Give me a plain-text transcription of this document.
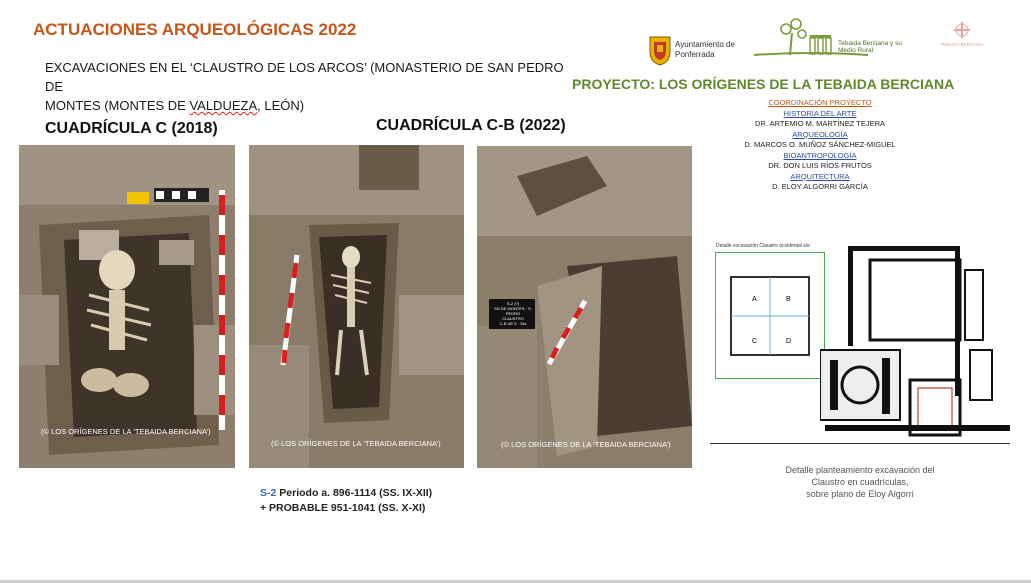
ACTUACIONES ARQUEOLÓGICAS 2022
EXCAVACIONES EN EL ‘CLAUSTRO DE LOS ARCOS’ (MONASTERIO DE SAN PEDRO DE
MONTES (MONTES DE VALDUEZA, LEÓN)
Ayuntamiento de Ponferrada
Tebaida Berciana y su Medio Rural
TEBAIDA BERCIANA
PROYECTO: LOS ORÍGENES DE LA TEBAIDA BERCIANA
COORDINACIÓN PROYECTO
HISTORIA DEL ARTE
DR. ARTEMIO M. MARTÍNEZ TEJERA
ARQUEOLOGÍA
D. MARCOS O. MUÑOZ SÁNCHEZ-MIGUEL
BIOANTROPOLOGÍA
DR. DON LUIS RÍOS FRUTOS
ARQUITECTURA
D. ELOY ALGORRI GARCÍA
CUADRÍCULA C (2018)	CUADRÍCULA C-B (2022)
(© LOS ORÍGENES DE LA ‘TEBAIDA BERCIANA’)
(© LOS ORÍGENES DE LA ‘TEBAIDA BERCIANA’)
S-2 (?)
SN DE MONTES · S. PEDRO
CLAUSTRO
C-B UE 0 · 15x
(© LOS ORÍGENES DE LA ‘TEBAIDA BERCIANA’)
S-2 Periodo a. 896-1114 (SS. IX-XII)
+ PROBABLE 951-1041 (SS. X-XI)
Detalle excavación Claustro occidental s/e
A	B
C	D
Detalle planteamiento excavación del
Claustro en cuadrículas,
sobre plano de Eloy Algorri
